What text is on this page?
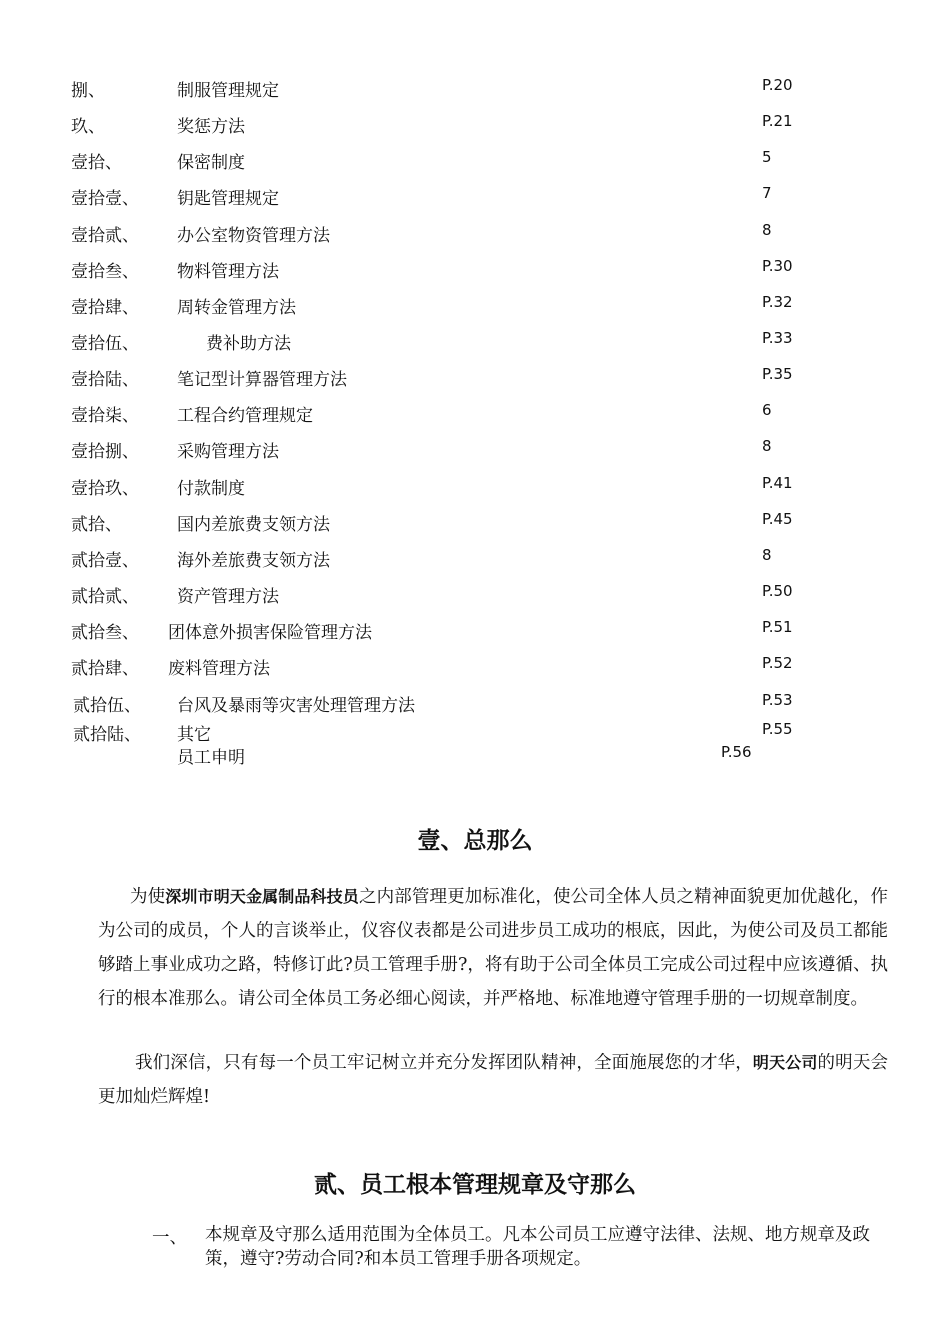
捌、	制服管理规定	P.20
玖、	奖惩方法	P.21
壹拾、	保密制度	5
壹拾壹、 钥匙管理规定	7
壹拾贰、 办公室物资管理方法	8
壹拾叁、 物料管理方法	P.30
壹拾肆、 周转金管理方法	P.32
壹拾伍、	费补助方法	P.33
壹拾陆、 笔记型计算器管理方法	P.35
壹拾柒、 工程合约管理规定	6
壹拾捌、 采购管理方法	8
壹拾玖、 付款制度	P.41
贰拾、	国内差旅费支领方法	P.45
贰拾壹、 海外差旅费支领方法	8
贰拾贰、 资产管理方法	P.50
贰拾叁、 团体意外损害保险管理方法	P.51
贰拾肆、 废料管理方法	P.52
贰拾伍、 台风及暴雨等灾害处理管理方法	P.53
贰拾陆、 其它	P.55
员工申明	P.56
壹、总那么

为使深圳市明天金属制品科技员之内部管理更加标准化，使公司全体人员之精神面貌更加优越化，作为公司的成员，个人的言谈举止，仪容仪表都是公司进步员工成功的根底，因此，为使公司及员工都能够踏上事业成功之路，特修订此?员工管理手册?，将有助于公司全体员工完成公司过程中应该遵循、执行的根本准那么。请公司全体员工务必细心阅读，并严格地、标准地遵守管理手册的一切规章制度。

我们深信，只有每一个员工牢记树立并充分发挥团队精神，全面施展您的才华，明天公司的明天会更加灿烂辉煌!

贰、员工根本管理规章及守那么
一、 本规章及守那么适用范围为全体员工。凡本公司员工应遵守法律、法规、地方规章及政策，遵守?劳动合同?和本员工管理手册各项规定。
